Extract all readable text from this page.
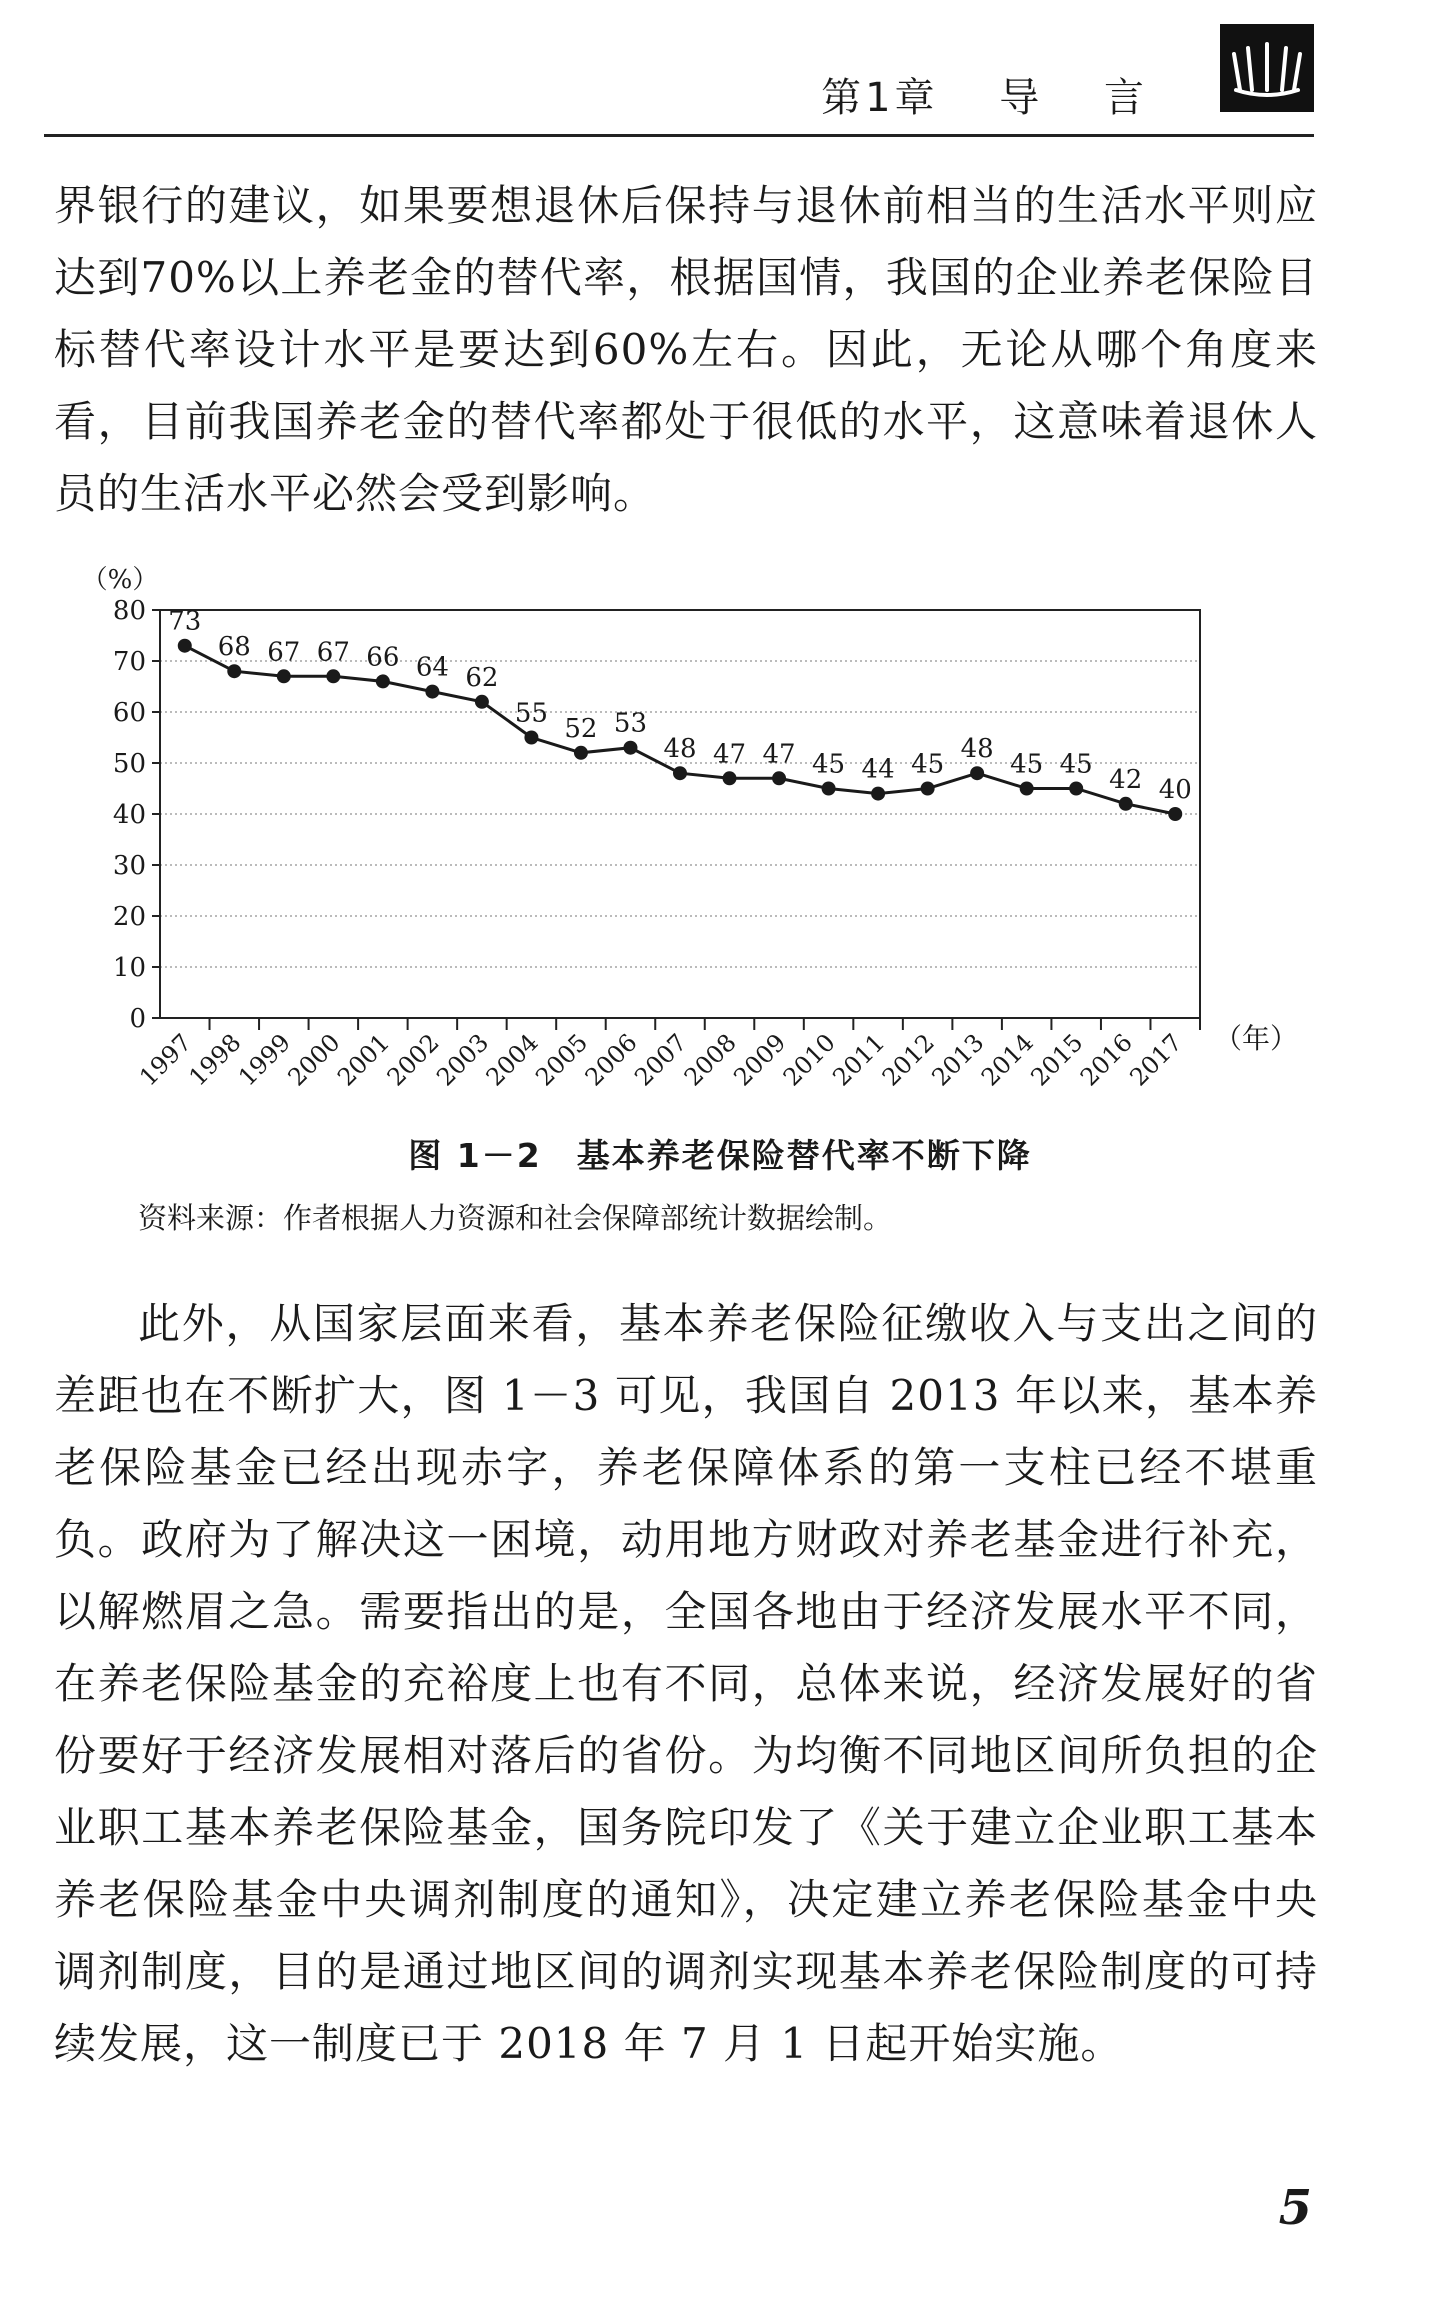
第1章 导 言
界银行的建议，如果要想退休后保持与退休前相当的生活水平则应达到70%以上养老金的替代率，根据国情，我国的企业养老保险目标替代率设计水平是要达到60%左右。因此，无论从哪个角度来看，目前我国养老金的替代率都处于很低的水平，这意味着退休人员的生活水平必然会受到影响。
0
10
20
30
40
50
60
70
80
（%）
1997
1998
1999
2000
2001
2002
2003
2004
2005
2006
2007
2008
2009
2010
2011
2012
2013
2014
2015
2016
2017 （年）
73
68 67 67 66 64 62
55
52 53
48 47 47 45 44 45
48
45 45
42 40
图 1－2　基本养老保险替代率不断下降
资料来源：作者根据人力资源和社会保障部统计数据绘制。
此外，从国家层面来看，基本养老保险征缴收入与支出之间的差距也在不断扩大，图 1－3 可见，我国自 2013 年以来，基本养老保险基金已经出现赤字，养老保障体系的第一支柱已经不堪重负。政府为了解决这一困境，动用地方财政对养老基金进行补充，以解燃眉之急。需要指出的是，全国各地由于经济发展水平不同，在养老保险基金的充裕度上也有不同，总体来说，经济发展好的省份要好于经济发展相对落后的省份。为均衡不同地区间所负担的企业职工基本养老保险基金，国务院印发了《关于建立企业职工基本养老保险基金中央调剂制度的通知》，决定建立养老保险基金中央调剂制度，目的是通过地区间的调剂实现基本养老保险制度的可持续发展，这一制度已于 2018 年 7 月 1 日起开始实施。
5
